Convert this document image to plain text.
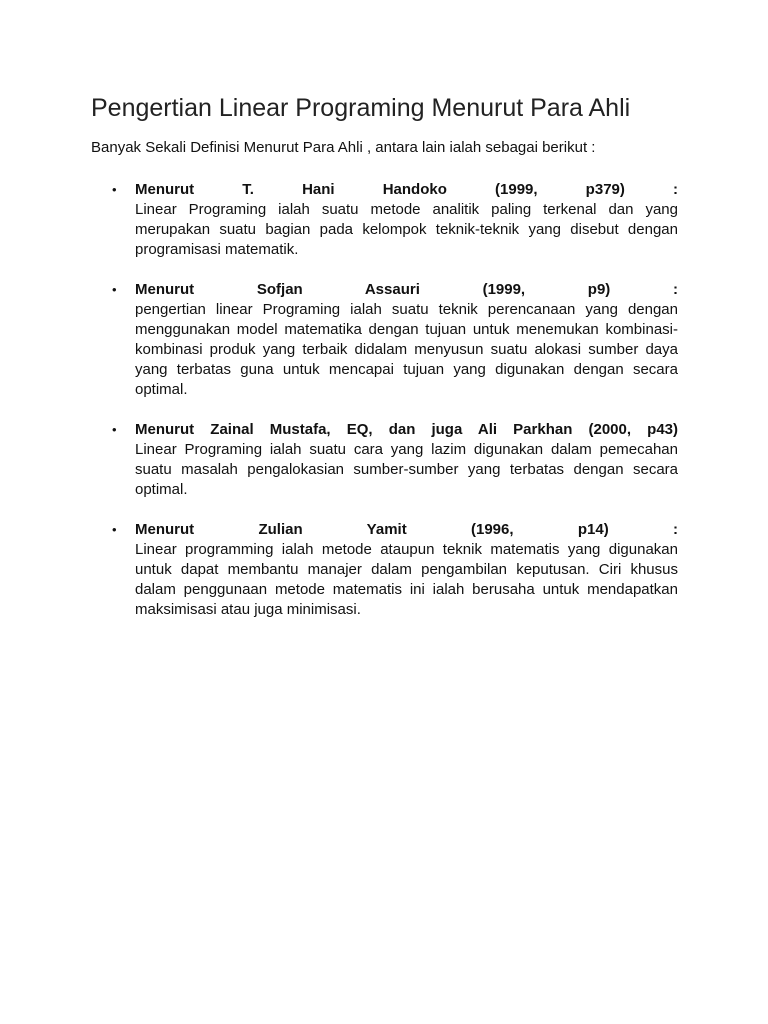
Pengertian Linear Programing Menurut Para Ahli

Banyak Sekali Definisi Menurut Para Ahli , antara lain ialah sebagai berikut :

• Menurut T. Hani Handoko (1999, p379) :
Linear Programing ialah suatu metode analitik paling terkenal dan yang merupakan suatu bagian pada kelompok teknik-teknik yang disebut dengan programisasi matematik.
• Menurut Sofjan Assauri (1999, p9) :
pengertian linear Programing ialah suatu teknik perencanaan yang dengan menggunakan model matematika dengan tujuan untuk menemukan kombinasi-kombinasi produk yang terbaik didalam menyusun suatu alokasi sumber daya yang terbatas guna untuk mencapai tujuan yang digunakan dengan secara optimal.
• Menurut Zainal Mustafa, EQ, dan juga Ali Parkhan (2000, p43)
Linear Programing ialah suatu cara yang lazim digunakan dalam pemecahan suatu masalah pengalokasian sumber-sumber yang terbatas dengan secara optimal.
• Menurut Zulian Yamit (1996, p14) :
Linear programming ialah metode ataupun teknik matematis yang digunakan untuk dapat membantu manajer dalam pengambilan keputusan. Ciri khusus dalam penggunaan metode matematis ini ialah berusaha untuk mendapatkan maksimisasi atau juga minimisasi.
